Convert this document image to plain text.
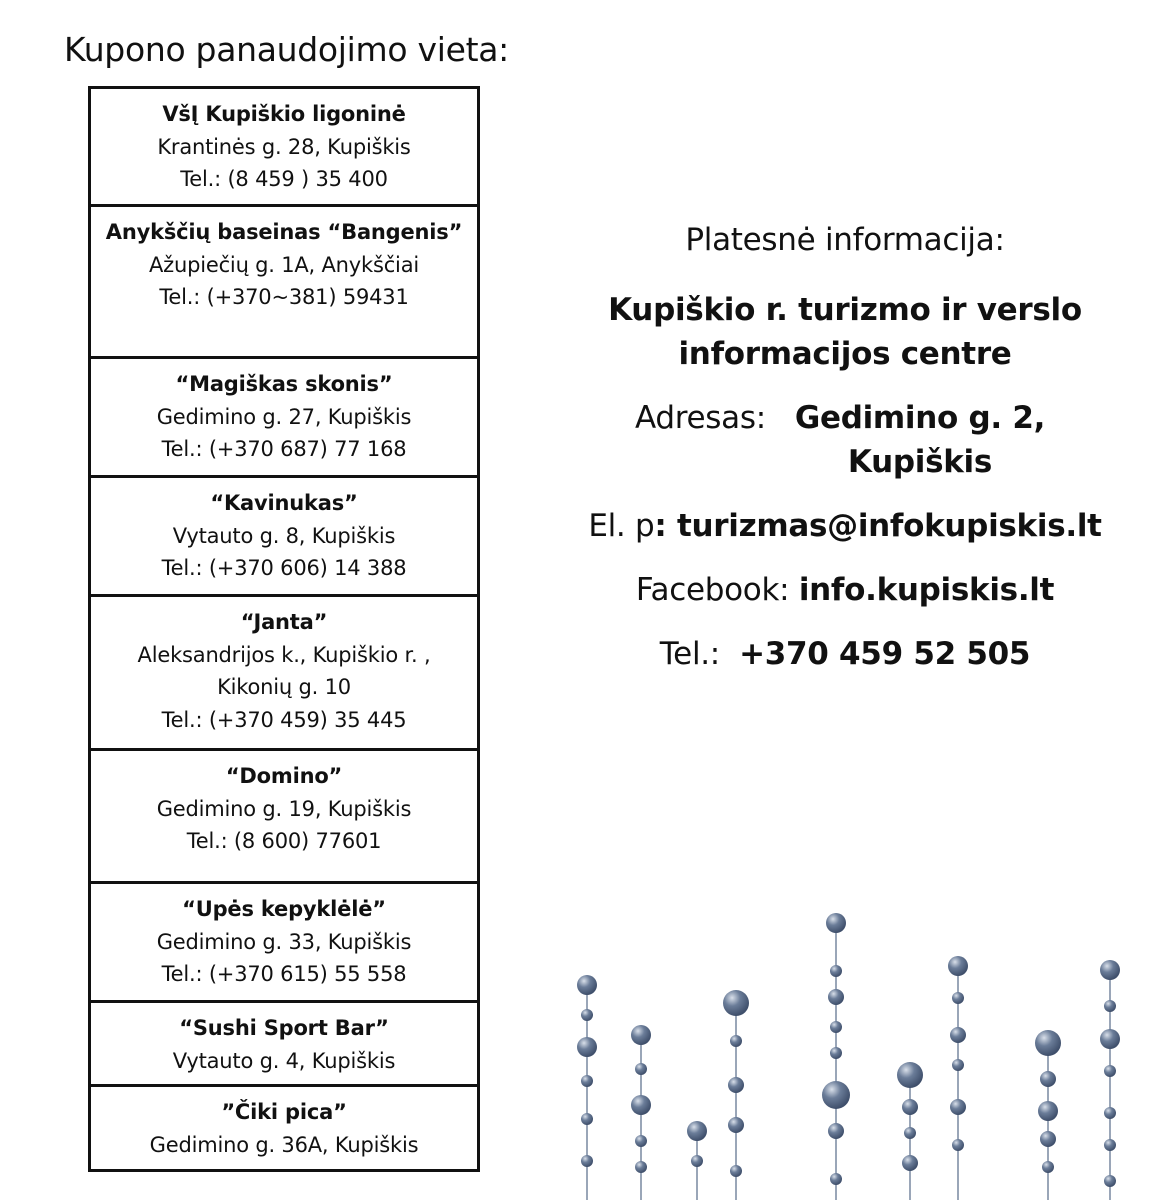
Kupono panaudojimo vieta:
VšĮ Kupiškio ligoninė
Krantinės g. 28, Kupiškis
Tel.: (8 459 ) 35 400
Anykščių baseinas “Bangenis”
Ažupiečių g. 1A, Anykščiai
Tel.: (+370~381) 59431
“Magiškas skonis”
Gedimino g. 27, Kupiškis
Tel.: (+370 687) 77 168
“Kavinukas”
Vytauto g. 8, Kupiškis
Tel.: (+370 606) 14 388
“Janta”
Aleksandrijos k., Kupiškio r. ,
Kikonių g. 10
Tel.: (+370 459) 35 445
“Domino”
Gedimino g. 19, Kupiškis
Tel.: (8 600) 77601
“Upės kepyklėlė”
Gedimino g. 33, Kupiškis
Tel.: (+370 615) 55 558
“Sushi Sport Bar”
Vytauto g. 4, Kupiškis
”Čiki pica”
Gedimino g. 36A, Kupiškis

Platesnė informacija:

Kupiškio r. turizmo ir verslo informacijos centre

Adresas: Gedimino g. 2, Kupiškis

El. p: turizmas@infokupiskis.lt

Facebook: info.kupiskis.lt

Tel.: +370 459 52 505
